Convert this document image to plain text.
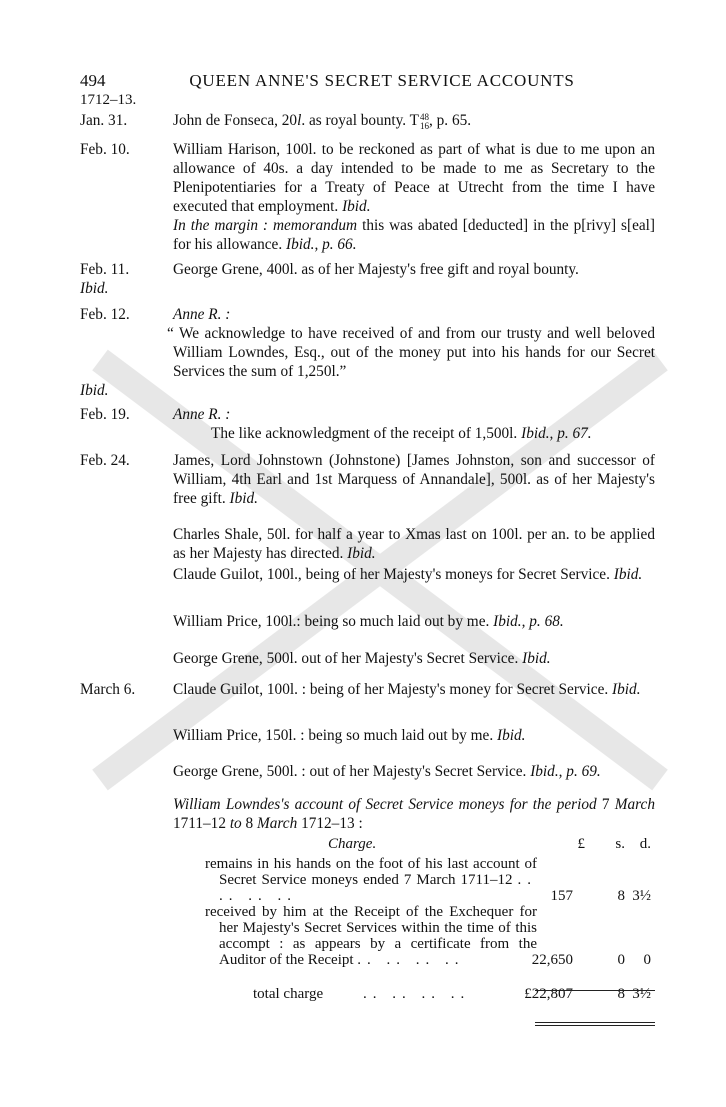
494	QUEEN ANNE'S SECRET SERVICE ACCOUNTS
1712–13.
Jan. 31.	John de Fonseca, 20l. as royal bounty. T 48
16 , p. 65.
Feb. 10.	William Harison, 100l. to be reckoned as part of what is due to me upon an allowance of 40s. a day intended to be made to me as Secretary to the Plenipotentiaries for a Treaty of Peace at Utrecht from the time I have executed that employment. Ibid.

In the margin : memorandum this was abated [deducted] in the p[rivy] s[eal] for his allowance. Ibid., p. 66.

Feb. 11.	George Grene, 400l. as of her Majesty's free gift and royal bounty.
Ibid.
Feb. 12.	Anne R. :

“ We acknowledge to have received of and from our trusty and well beloved William Lowndes, Esq., out of the money put into his hands for our Secret Services the sum of 1,250l.”

Ibid.
Feb. 19.	Anne R. :

The like acknowledgment of the receipt of 1,500l. Ibid., p. 67.

Feb. 24.	James, Lord Johnstown (Johnstone) [James Johnston, son and successor of William, 4th Earl and 1st Marquess of Annandale], 500l. as of her Majesty's free gift. Ibid.
Charles Shale, 50l. for half a year to Xmas last on 100l. per an. to be applied as her Majesty has directed. Ibid.
Claude Guilot, 100l., being of her Majesty's moneys for Secret Service. Ibid.
William Price, 100l.: being so much laid out by me. Ibid., p. 68.
George Grene, 500l. out of her Majesty's Secret Service. Ibid.
March 6.	Claude Guilot, 100l. : being of her Majesty's money for Secret Service. Ibid.
William Price, 150l. : being so much laid out by me. Ibid.
George Grene, 500l. : out of her Majesty's Secret Service. Ibid., p. 69.
William Lowndes's account of Secret Service moneys for the period 7 March 1711–12 to 8 March 1712–13 :
Charge.	£ s. d.
remains in his hands on the foot of his last account of Secret Service moneys ended 7 March 1711–12 .. .. .. ..	157	8 3½
received by him at the Receipt of the Exchequer for her Majesty's Secret Services within the time of this accompt : as appears by a certificate from the Auditor of the Receipt .. .. .. ..	22,650	0 0
total charge	.. .. .. ..	£22,807	8 3½
